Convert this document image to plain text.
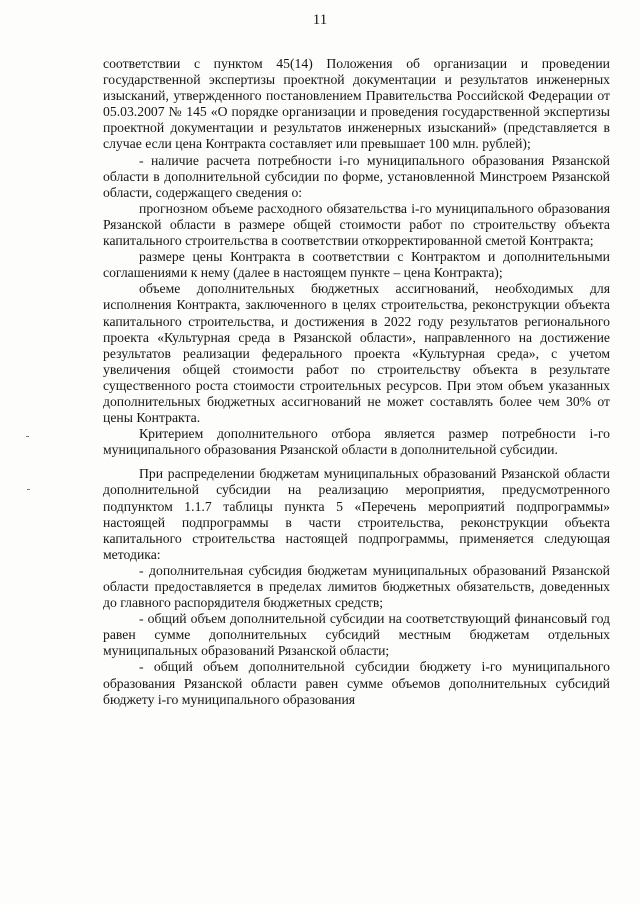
11

соответствии с пунктом 45(14) Положения об организации и проведении государственной экспертизы проектной документации и результатов инженерных изысканий, утвержденного постановлением Правительства Российской Федерации от 05.03.2007 № 145 «О порядке организации и проведения государственной экспертизы проектной документации и результатов инженерных изысканий» (представляется в случае если цена Контракта составляет или превышает 100 млн. рублей);

- наличие расчета потребности i-го муниципального образования Рязанской области в дополнительной субсидии по форме, установленной Минстроем Рязанской области, содержащего сведения о:

прогнозном объеме расходного обязательства i-го муниципального образования Рязанской области в размере общей стоимости работ по строительству объекта капитального строительства в соответствии откорректированной сметой Контракта;

размере цены Контракта в соответствии с Контрактом и дополнительными соглашениями к нему (далее в настоящем пункте – цена Контракта);

объеме дополнительных бюджетных ассигнований, необходимых для исполнения Контракта, заключенного в целях строительства, реконструкции объекта капитального строительства, и достижения в 2022 году результатов регионального проекта «Культурная среда в Рязанской области», направленного на достижение результатов реализации федерального проекта «Культурная среда», с учетом увеличения общей стоимости работ по строительству объекта в результате существенного роста стоимости строительных ресурсов. При этом объем указанных дополнительных бюджетных ассигнований не может составлять более чем 30% от цены Контракта.

Критерием дополнительного отбора является размер потребности i-го муниципального образования Рязанской области в дополнительной субсидии.

При распределении бюджетам муниципальных образований Рязанской области дополнительной субсидии на реализацию мероприятия, предусмотренного подпунктом 1.1.7 таблицы пункта 5 «Перечень мероприятий подпрограммы» настоящей подпрограммы в части строительства, реконструкции объекта капитального строительства настоящей подпрограммы, применяется следующая методика:

- дополнительная субсидия бюджетам муниципальных образований Рязанской области предоставляется в пределах лимитов бюджетных обязательств, доведенных до главного распорядителя бюджетных средств;

- общий объем дополнительной субсидии на соответствующий финансовый год равен сумме дополнительных субсидий местным бюджетам отдельных муниципальных образований Рязанской области;

- общий объем дополнительной субсидии бюджету i-го муниципального образования Рязанской области равен сумме объемов дополнительных субсидий бюджету i-го муниципального образования
